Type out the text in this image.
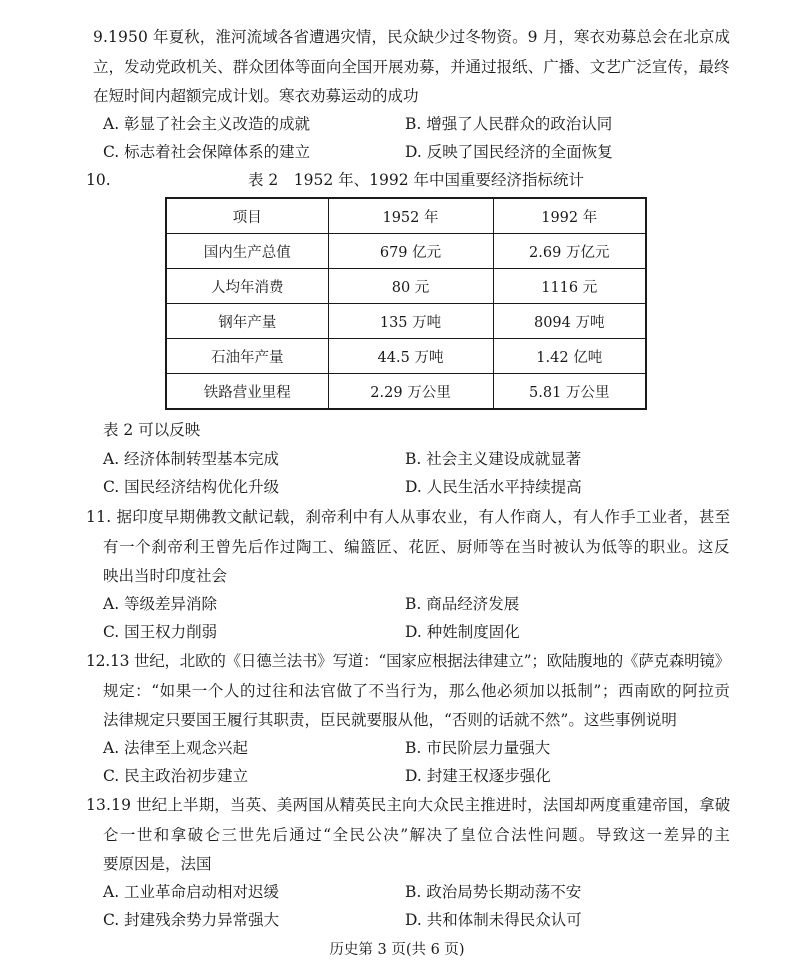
9.1950 年夏秋，淮河流域各省遭遇灾情，民众缺少过冬物资。9 月，寒衣劝募总会在北京成
立，发动党政机关、群众团体等面向全国开展劝募，并通过报纸、广播、文艺广泛宣传，最终
在短时间内超额完成计划。寒衣劝募运动的成功
A. 彰显了社会主义改造的成就	B. 增强了人民群众的政治认同
C. 标志着社会保障体系的建立	D. 反映了国民经济的全面恢复
10.	表 2　1952 年、1992 年中国重要经济指标统计
项目	1952 年	1992 年
国内生产总值	679 亿元	2.69 万亿元
人均年消费	80 元	1116 元
钢年产量	135 万吨	8094 万吨
石油年产量	44.5 万吨	1.42 亿吨
铁路营业里程	2.29 万公里	5.81 万公里
表 2 可以反映
A. 经济体制转型基本完成	B. 社会主义建设成就显著
C. 国民经济结构优化升级	D. 人民生活水平持续提高
11. 据印度早期佛教文献记载，刹帝利中有人从事农业，有人作商人，有人作手工业者，甚至
有一个刹帝利王曾先后作过陶工、编篮匠、花匠、厨师等在当时被认为低等的职业。这反
映出当时印度社会
A. 等级差异消除	B. 商品经济发展
C. 国王权力削弱	D. 种姓制度固化
12.13 世纪，北欧的《日德兰法书》写道：“国家应根据法律建立”；欧陆腹地的《萨克森明镜》
规定：“如果一个人的过往和法官做了不当行为，那么他必须加以抵制”；西南欧的阿拉贡
法律规定只要国王履行其职责，臣民就要服从他，“否则的话就不然”。这些事例说明
A. 法律至上观念兴起	B. 市民阶层力量强大
C. 民主政治初步建立	D. 封建王权逐步强化
13.19 世纪上半期，当英、美两国从精英民主向大众民主推进时，法国却两度重建帝国，拿破
仑一世和拿破仑三世先后通过“全民公决”解决了皇位合法性问题。导致这一差异的主
要原因是，法国
A. 工业革命启动相对迟缓	B. 政治局势长期动荡不安
C. 封建残余势力异常强大	D. 共和体制未得民众认可
历史第 3 页(共 6 页)
